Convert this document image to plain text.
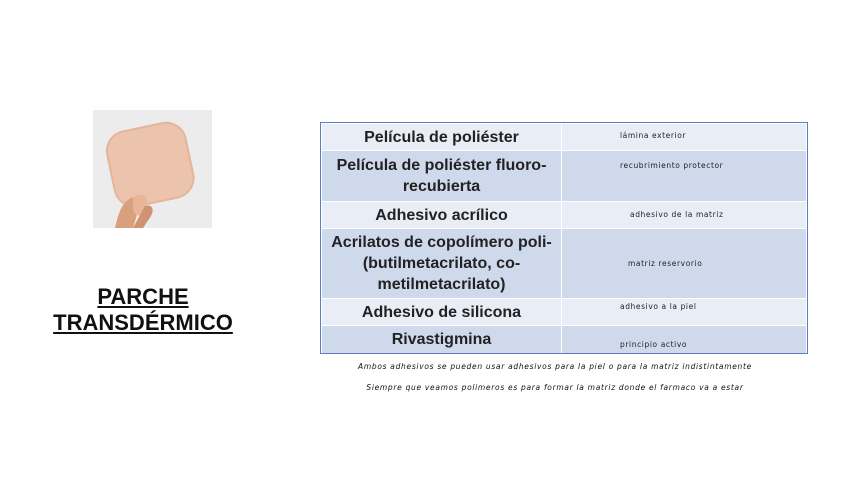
PARCHE
TRANSDÉRMICO
Película de poliéster	lámina exterior
Película de poliéster fluoro-recubierta	recubrimiento protector
Adhesivo acrílico	adhesivo de la matriz
Acrilatos de copolímero poli-(butilmetacrilato, co-metilmetacrilato)	matriz reservorio
Adhesivo de silicona	adhesivo a la piel
Rivastigmina	principio activo
Ambos adhesivos se pueden usar adhesivos para la piel o para la matriz indistintamente
Siempre que veamos polimeros es para formar la matriz donde el farmaco va a estar
